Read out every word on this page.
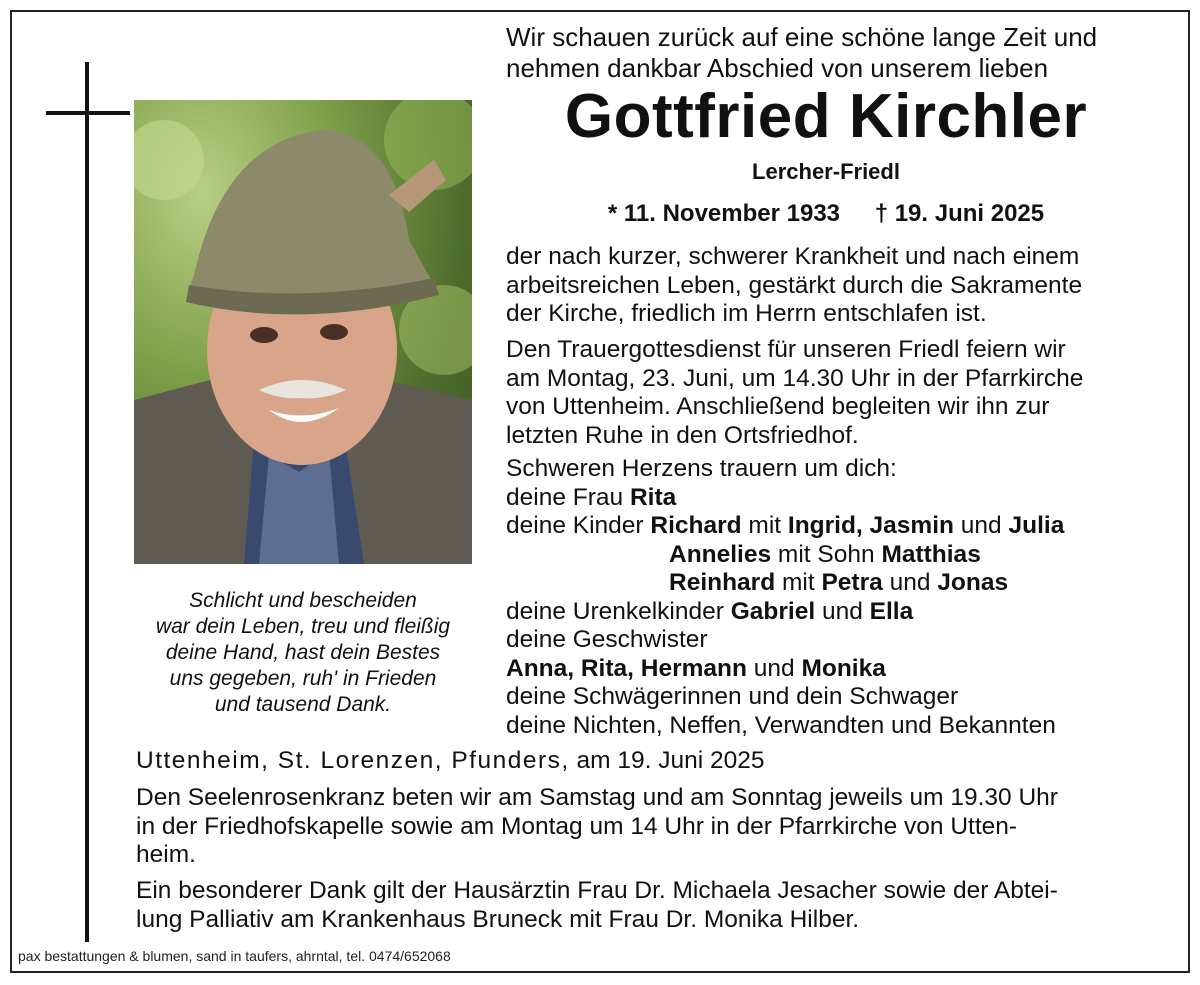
Schlicht und bescheiden
war dein Leben, treu und fleißig
deine Hand, hast dein Bestes
uns gegeben, ruh' in Frieden
und tausend Dank.
Wir schauen zurück auf eine schöne lange Zeit und
nehmen dankbar Abschied von unserem lieben
Gottfried Kirchler
Lercher-Friedl
* 11. November 1933 † 19. Juni 2025
der nach kurzer, schwerer Krankheit und nach einem
arbeitsreichen Leben, gestärkt durch die Sakramente
der Kirche, friedlich im Herrn entschlafen ist.
Den Trauergottesdienst für unseren Friedl feiern wir
am Montag, 23. Juni, um 14.30 Uhr in der Pfarrkirche
von Uttenheim. Anschließend begleiten wir ihn zur
letzten Ruhe in den Ortsfriedhof.
Schweren Herzens trauern um dich:
deine Frau Rita
deine Kinder Richard mit Ingrid, Jasmin und Julia
Annelies mit Sohn Matthias
Reinhard mit Petra und Jonas
deine Urenkelkinder Gabriel und Ella
deine Geschwister
Anna, Rita, Hermann und Monika
deine Schwägerinnen und dein Schwager
deine Nichten, Neffen, Verwandten und Bekannten
Uttenheim, St. Lorenzen, Pfunders, am 19. Juni 2025
Den Seelenrosenkranz beten wir am Samstag und am Sonntag jeweils um 19.30 Uhr
in der Friedhofskapelle sowie am Montag um 14 Uhr in der Pfarrkirche von Utten-
heim.
Ein besonderer Dank gilt der Hausärztin Frau Dr. Michaela Jesacher sowie der Abtei-
lung Palliativ am Krankenhaus Bruneck mit Frau Dr. Monika Hilber.
pax bestattungen & blumen, sand in taufers, ahrntal, tel. 0474/652068
